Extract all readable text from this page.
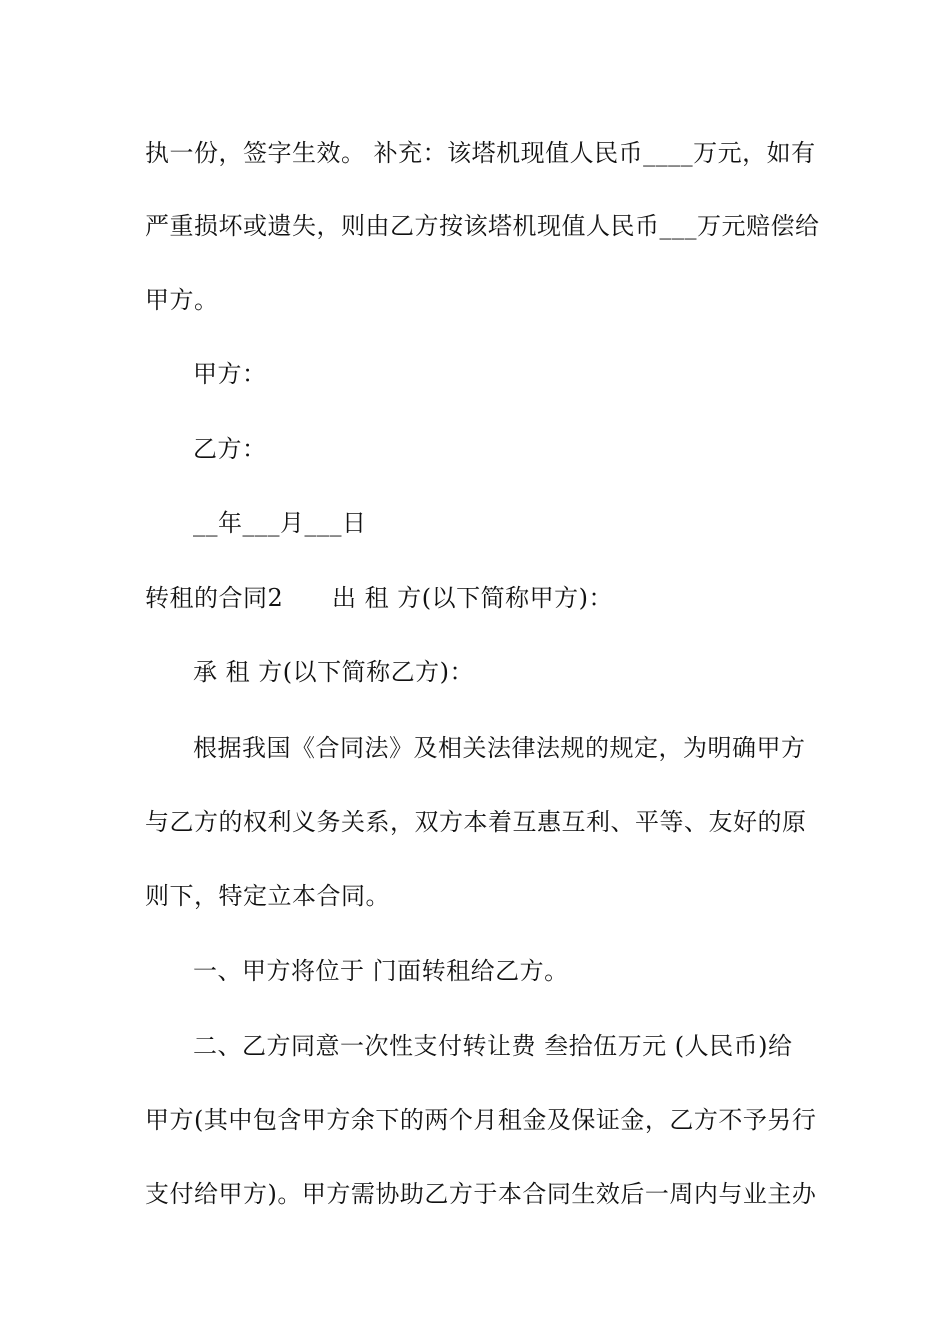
执一份，签字生效。 补充：该塔机现值人民币____万元，如有
严重损坏或遗失，则由乙方按该塔机现值人民币___万元赔偿给
甲方。
甲方：
乙方：
__年___月___日
转租的合同2      出 租 方(以下简称甲方)：
承 租 方(以下简称乙方)：
根据我国《合同法》及相关法律法规的规定，为明确甲方
与乙方的权利义务关系，双方本着互惠互利、平等、友好的原
则下，特定立本合同。
一、甲方将位于 门面转租给乙方。
二、乙方同意一次性支付转让费 叁拾伍万元 (人民币)给
甲方(其中包含甲方余下的两个月租金及保证金，乙方不予另行
支付给甲方)。甲方需协助乙方于本合同生效后一周内与业主办
